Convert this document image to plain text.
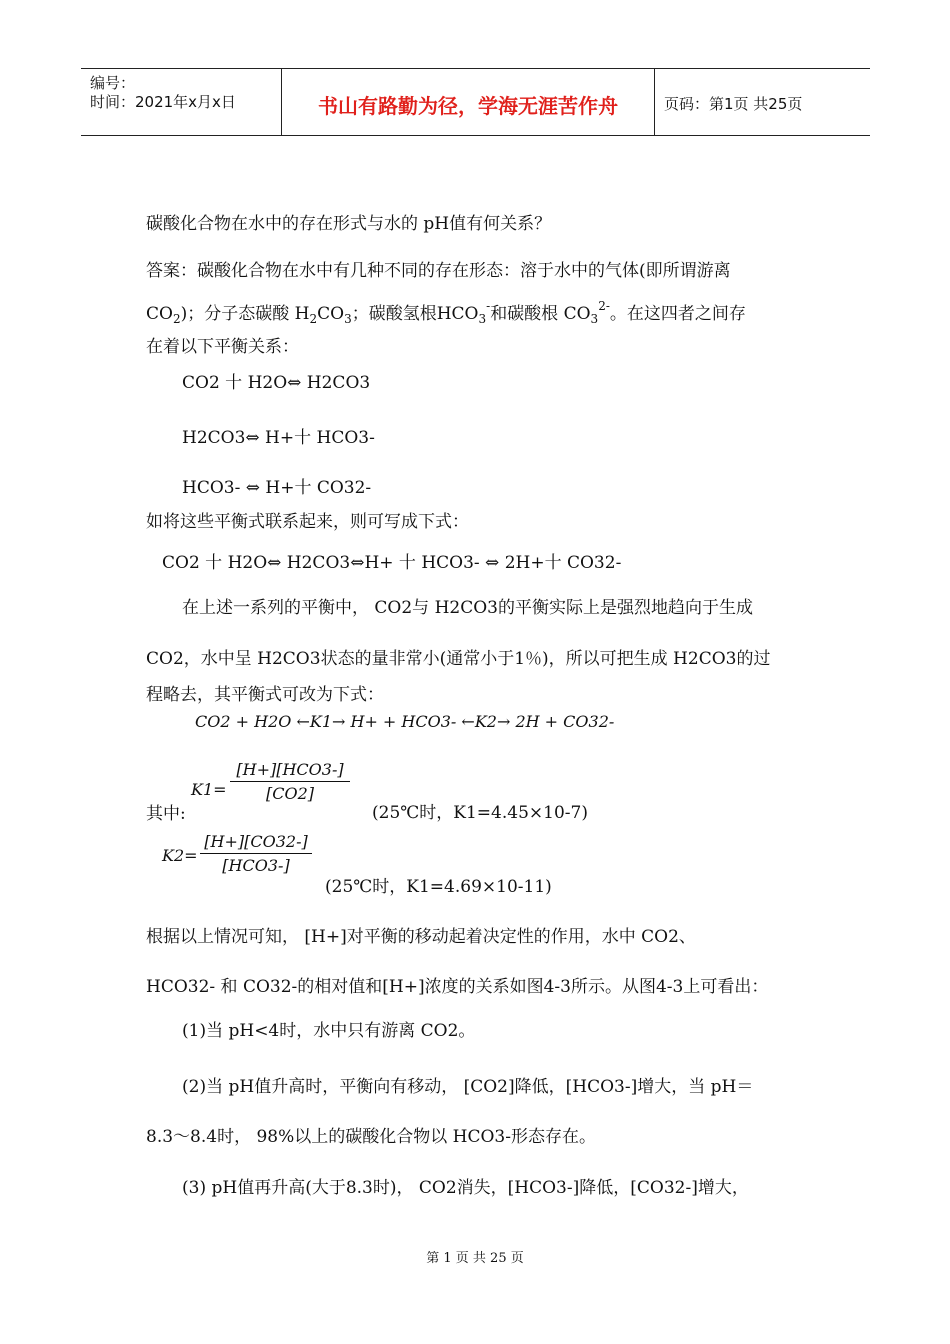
编号：
时间：2021年x月x日	书山有路勤为径，学海无涯苦作舟	页码：第1页 共25页
碳酸化合物在水中的存在形式与水的 pH值有何关系？
答案：碳酸化合物在水中有几种不同的存在形态：溶于水中的气体(即所谓游离
$CO_2$)；分子态碳酸 $H_2CO_3$；碳酸氢根$HCO_3^-$和碳酸根 $CO_3^{2-}$。在这四者之间存
在着以下平衡关系：
CO2 十 H2O⇔ H2CO3
H2CO3⇔ H+十 HCO3-
HCO3- ⇔ H+十 CO32-
如将这些平衡式联系起来，则可写成下式：
CO2 十 H2O⇔ H2CO3⇔H+ 十 HCO3- ⇔ 2H+十 CO32-
在上述一系列的平衡中， CO2与 H2CO3的平衡实际上是强烈地趋向于生成
CO2，水中呈 H2CO3状态的量非常小(通常小于1％)，所以可把生成 H2CO3的过
程略去，其平衡式可改为下式：
CO2 + H2O ←K1→ H+ + HCO3- ←K2→ 2H + CO32-
K1=
[H+][HCO3-]
[CO2]
其中:	(25℃时，K1=4.45×10-7)
K2=
[H+][CO32-]
[HCO3-]
(25℃时，K1=4.69×10-11)
根据以上情况可知， [H+]对平衡的移动起着决定性的作用，水中 CO2、
HCO32- 和 CO32-的相对值和[H+]浓度的关系如图4-3所示。从图4-3上可看出：
(1)当 pH<4时，水中只有游离 CO2。
(2)当 pH值升高时，平衡向有移动， [CO2]降低，[HCO3-]增大，当 pH＝
8.3～8.4时， 98%以上的碳酸化合物以 HCO3-形态存在。
(3) pH值再升高(大于8.3时)， CO2消失，[HCO3-]降低，[CO32-]增大，
第 1 页 共 25 页
